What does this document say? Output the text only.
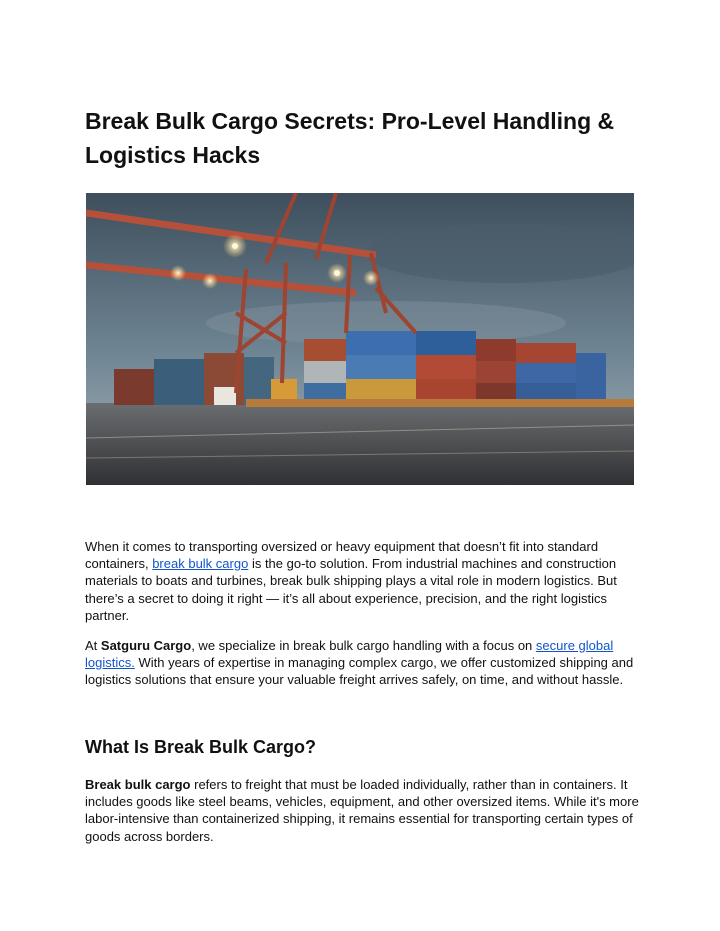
Break Bulk Cargo Secrets: Pro-Level Handling & Logistics Hacks

When it comes to transporting oversized or heavy equipment that doesn’t fit into standard containers, break bulk cargo is the go-to solution. From industrial machines and construction materials to boats and turbines, break bulk shipping plays a vital role in modern logistics. But there’s a secret to doing it right — it’s all about experience, precision, and the right logistics partner.

At Satguru Cargo, we specialize in break bulk cargo handling with a focus on secure global logistics. With years of expertise in managing complex cargo, we offer customized shipping and logistics solutions that ensure your valuable freight arrives safely, on time, and without hassle.

What Is Break Bulk Cargo?

Break bulk cargo refers to freight that must be loaded individually, rather than in containers. It includes goods like steel beams, vehicles, equipment, and other oversized items. While it's more labor-intensive than containerized shipping, it remains essential for transporting certain types of goods across borders.
